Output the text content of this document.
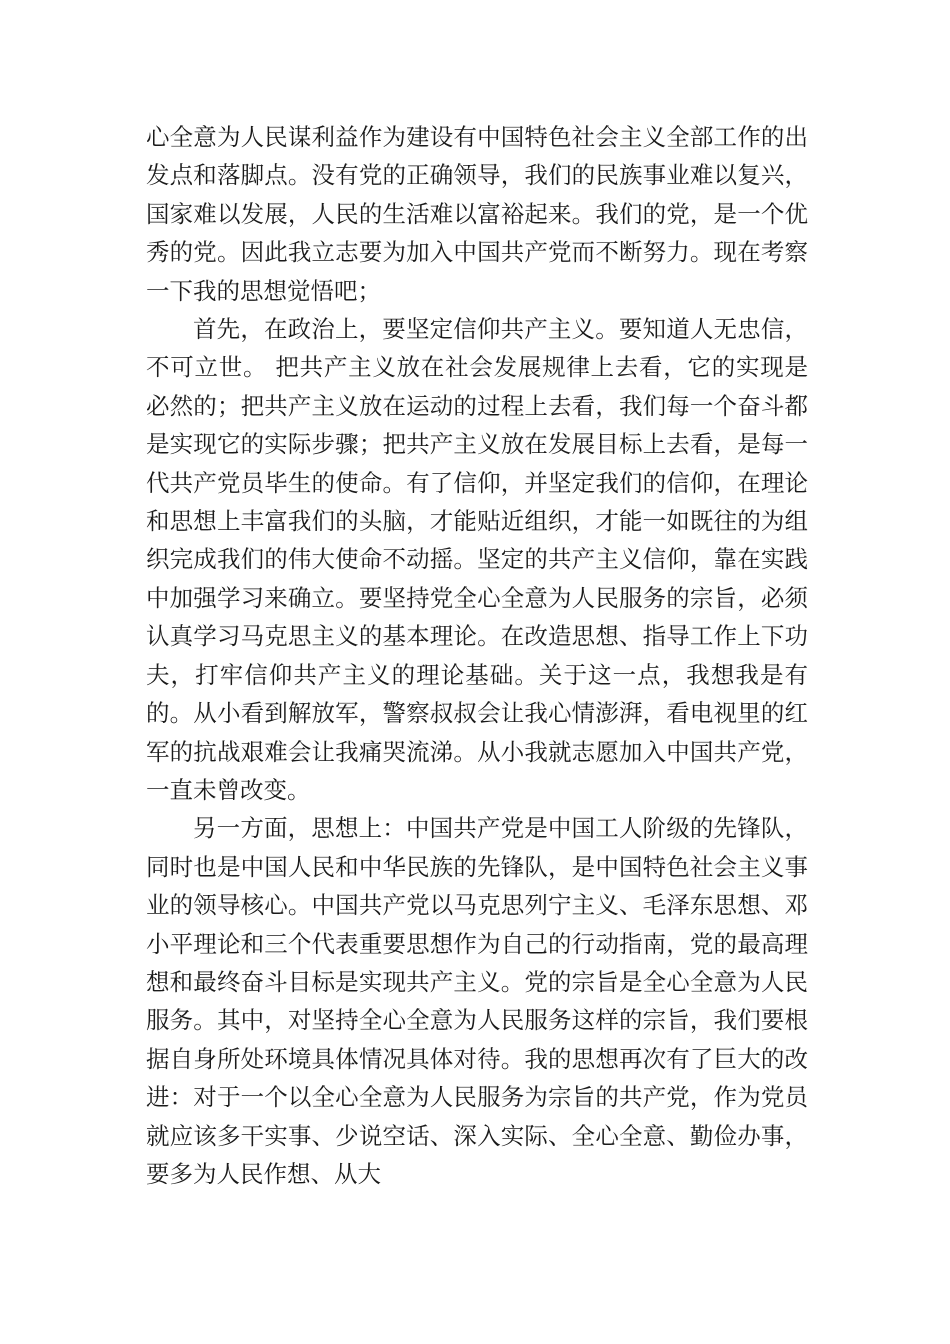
心全意为人民谋利益作为建设有中国特色社会主义全部工作的出发点和落脚点。没有党的正确领导，我们的民族事业难以复兴，国家难以发展，人民的生活难以富裕起来。我们的党，是一个优秀的党。因此我立志要为加入中国共产党而不断努力。现在考察一下我的思想觉悟吧；

首先，在政治上，要坚定信仰共产主义。要知道人无忠信，不可立世。 把共产主义放在社会发展规律上去看，它的实现是必然的；把共产主义放在运动的过程上去看，我们每一个奋斗都是实现它的实际步骤；把共产主义放在发展目标上去看，是每一代共产党员毕生的使命。有了信仰，并坚定我们的信仰，在理论和思想上丰富我们的头脑，才能贴近组织，才能一如既往的为组织完成我们的伟大使命不动摇。坚定的共产主义信仰，靠在实践中加强学习来确立。要坚持党全心全意为人民服务的宗旨，必须认真学习马克思主义的基本理论。在改造思想、指导工作上下功夫，打牢信仰共产主义的理论基础。关于这一点，我想我是有的。从小看到解放军，警察叔叔会让我心情澎湃，看电视里的红军的抗战艰难会让我痛哭流涕。从小我就志愿加入中国共产党，一直未曾改变。

另一方面，思想上：中国共产党是中国工人阶级的先锋队，同时也是中国人民和中华民族的先锋队，是中国特色社会主义事业的领导核心。中国共产党以马克思列宁主义、毛泽东思想、邓小平理论和三个代表重要思想作为自己的行动指南，党的最高理想和最终奋斗目标是实现共产主义。党的宗旨是全心全意为人民服务。其中，对坚持全心全意为人民服务这样的宗旨，我们要根据自身所处环境具体情况具体对待。我的思想再次有了巨大的改进：对于一个以全心全意为人民服务为宗旨的共产党，作为党员就应该多干实事、少说空话、深入实际、全心全意、勤俭办事，要多为人民作想、从大
